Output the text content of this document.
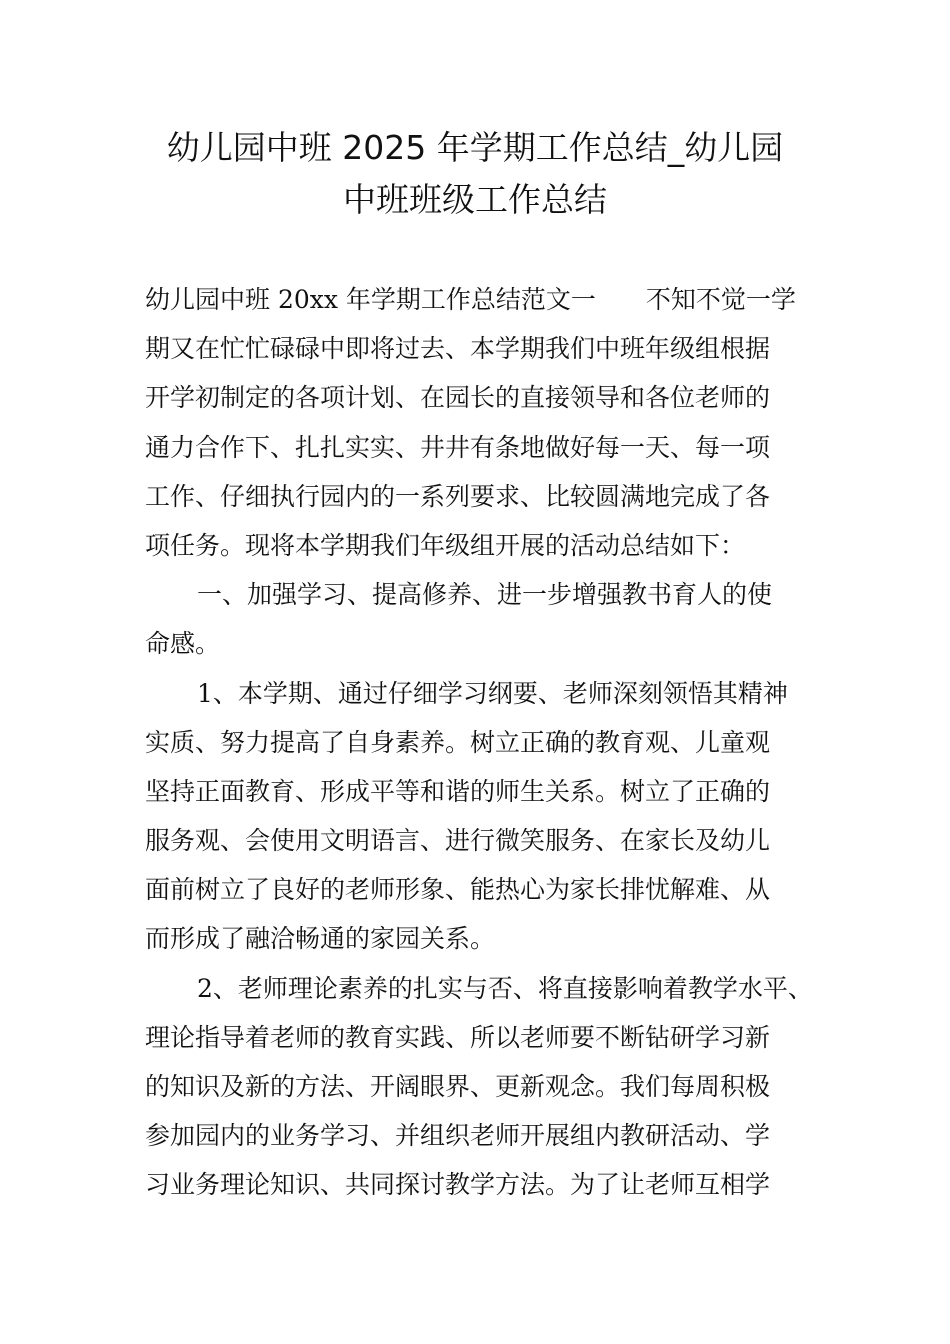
幼儿园中班 2025 年学期工作总结_幼儿园
中班班级工作总结
幼儿园中班 20xx 年学期工作总结范文一　　不知不觉一学
期又在忙忙碌碌中即将过去、本学期我们中班年级组根据
开学初制定的各项计划、在园长的直接领导和各位老师的
通力合作下、扎扎实实、井井有条地做好每一天、每一项
工作、仔细执行园内的一系列要求、比较圆满地完成了各
项任务。现将本学期我们年级组开展的活动总结如下：
一、加强学习、提高修养、进一步增强教书育人的使
命感。
1、本学期、通过仔细学习纲要、老师深刻领悟其精神
实质、努力提高了自身素养。树立正确的教育观、儿童观
坚持正面教育、形成平等和谐的师生关系。树立了正确的
服务观、会使用文明语言、进行微笑服务、在家长及幼儿
面前树立了良好的老师形象、能热心为家长排忧解难、从
而形成了融洽畅通的家园关系。
2、老师理论素养的扎实与否、将直接影响着教学水平、
理论指导着老师的教育实践、所以老师要不断钻研学习新
的知识及新的方法、开阔眼界、更新观念。我们每周积极
参加园内的业务学习、并组织老师开展组内教研活动、学
习业务理论知识、共同探讨教学方法。为了让老师互相学
